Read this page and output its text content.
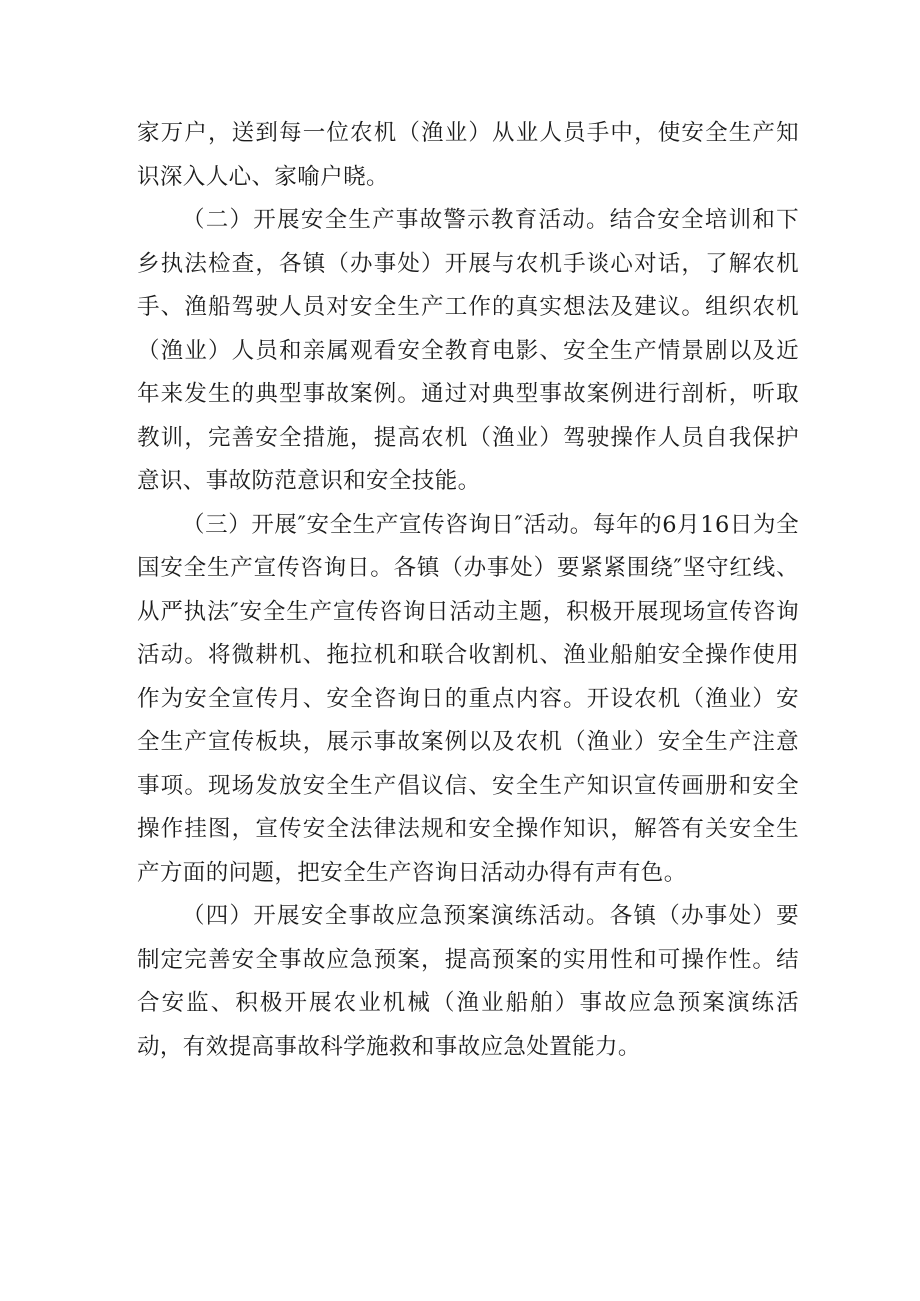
家万户，送到每一位农机（渔业）从业人员手中，使安全生产知识深入人心、家喻户晓。

（二）开展安全生产事故警示教育活动。结合安全培训和下乡执法检查，各镇（办事处）开展与农机手谈心对话，了解农机手、渔船驾驶人员对安全生产工作的真实想法及建议。组织农机（渔业）人员和亲属观看安全教育电影、安全生产情景剧以及近年来发生的典型事故案例。通过对典型事故案例进行剖析，听取教训，完善安全措施，提高农机（渔业）驾驶操作人员自我保护意识、事故防范意识和安全技能。

（三）开展″安全生产宣传咨询日″活动。每年的6月16日为全国安全生产宣传咨询日。各镇（办事处）要紧紧围绕″坚守红线、从严执法″安全生产宣传咨询日活动主题，积极开展现场宣传咨询活动。将微耕机、拖拉机和联合收割机、渔业船舶安全操作使用作为安全宣传月、安全咨询日的重点内容。开设农机（渔业）安全生产宣传板块，展示事故案例以及农机（渔业）安全生产注意事项。现场发放安全生产倡议信、安全生产知识宣传画册和安全操作挂图，宣传安全法律法规和安全操作知识，解答有关安全生产方面的问题，把安全生产咨询日活动办得有声有色。

（四）开展安全事故应急预案演练活动。各镇（办事处）要制定完善安全事故应急预案，提高预案的实用性和可操作性。结合安监、积极开展农业机械（渔业船舶）事故应急预案演练活动，有效提高事故科学施救和事故应急处置能力。
